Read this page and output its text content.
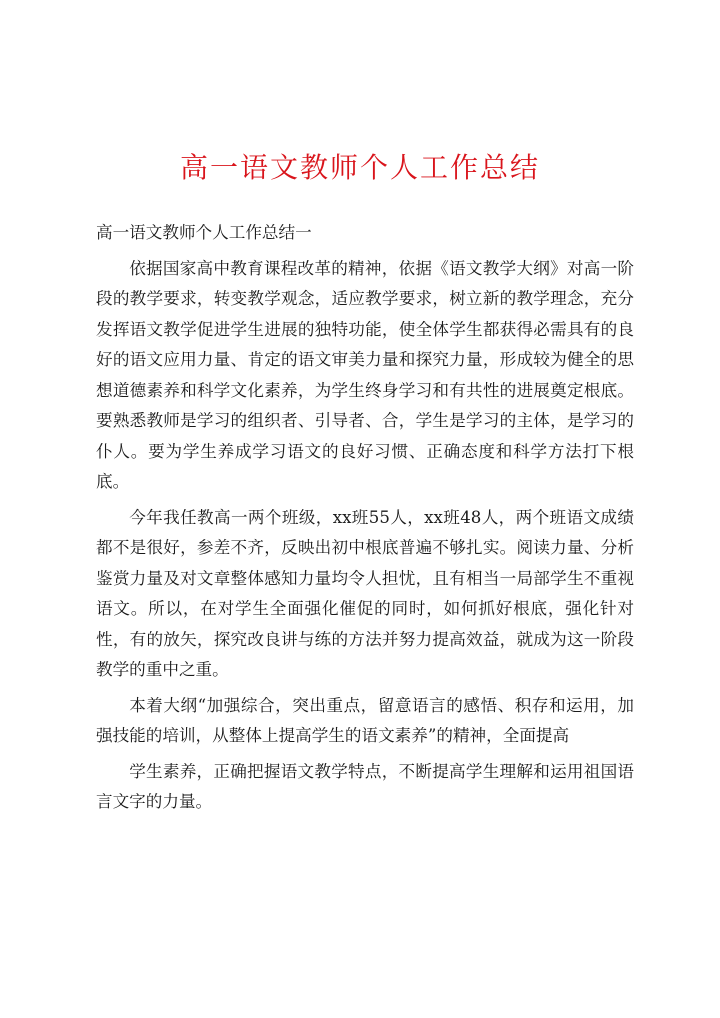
高一语文教师个人工作总结

高一语文教师个人工作总结一

依据国家高中教育课程改革的精神，依据《语文教学大纲》对高一阶段的教学要求，转变教学观念，适应教学要求，树立新的教学理念，充分发挥语文教学促进学生进展的独特功能，使全体学生都获得必需具有的良好的语文应用力量、肯定的语文审美力量和探究力量，形成较为健全的思想道德素养和科学文化素养，为学生终身学习和有共性的进展奠定根底。要熟悉教师是学习的组织者、引导者、合，学生是学习的主体，是学习的仆人。要为学生养成学习语文的良好习惯、正确态度和科学方法打下根底。

今年我任教高一两个班级，xx班55人，xx班48人，两个班语文成绩都不是很好，参差不齐，反映出初中根底普遍不够扎实。阅读力量、分析鉴赏力量及对文章整体感知力量均令人担忧，且有相当一局部学生不重视语文。所以，在对学生全面强化催促的同时，如何抓好根底，强化针对性，有的放矢，探究改良讲与练的方法并努力提高效益，就成为这一阶段教学的重中之重。

本着大纲“加强综合，突出重点，留意语言的感悟、积存和运用，加强技能的培训，从整体上提高学生的语文素养”的精神，全面提高

学生素养，正确把握语文教学特点，不断提高学生理解和运用祖国语言文字的力量。
